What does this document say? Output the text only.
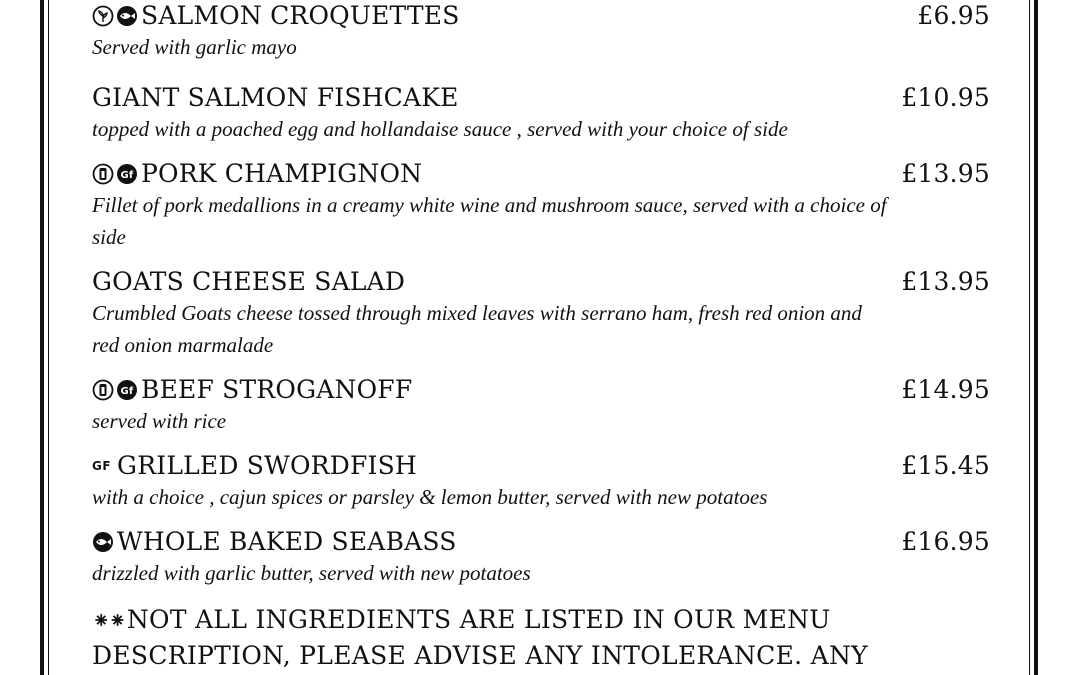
SALMON CROQUETTES	£6.95
Served with garlic mayo
GIANT SALMON FISHCAKE	£10.95
topped with a poached egg and hollandaise sauce , served with your choice of side
Gf PORK CHAMPIGNON	£13.95
Fillet of pork medallions in a creamy white wine and mushroom sauce, served with a choice of side
GOATS CHEESE SALAD	£13.95
Crumbled Goats cheese tossed through mixed leaves with serrano ham, fresh red onion and red onion marmalade
Gf BEEF STROGANOFF	£14.95
served with rice
GF GRILLED SWORDFISH	£15.45
with a choice , cajun spices or parsley & lemon butter, served with new potatoes
WHOLE BAKED SEABASS	£16.95
drizzled with garlic butter, served with new potatoes
⁕⁕NOT ALL INGREDIENTS ARE LISTED IN OUR MENU
DESCRIPTION, PLEASE ADVISE ANY INTOLERANCE. ANY
